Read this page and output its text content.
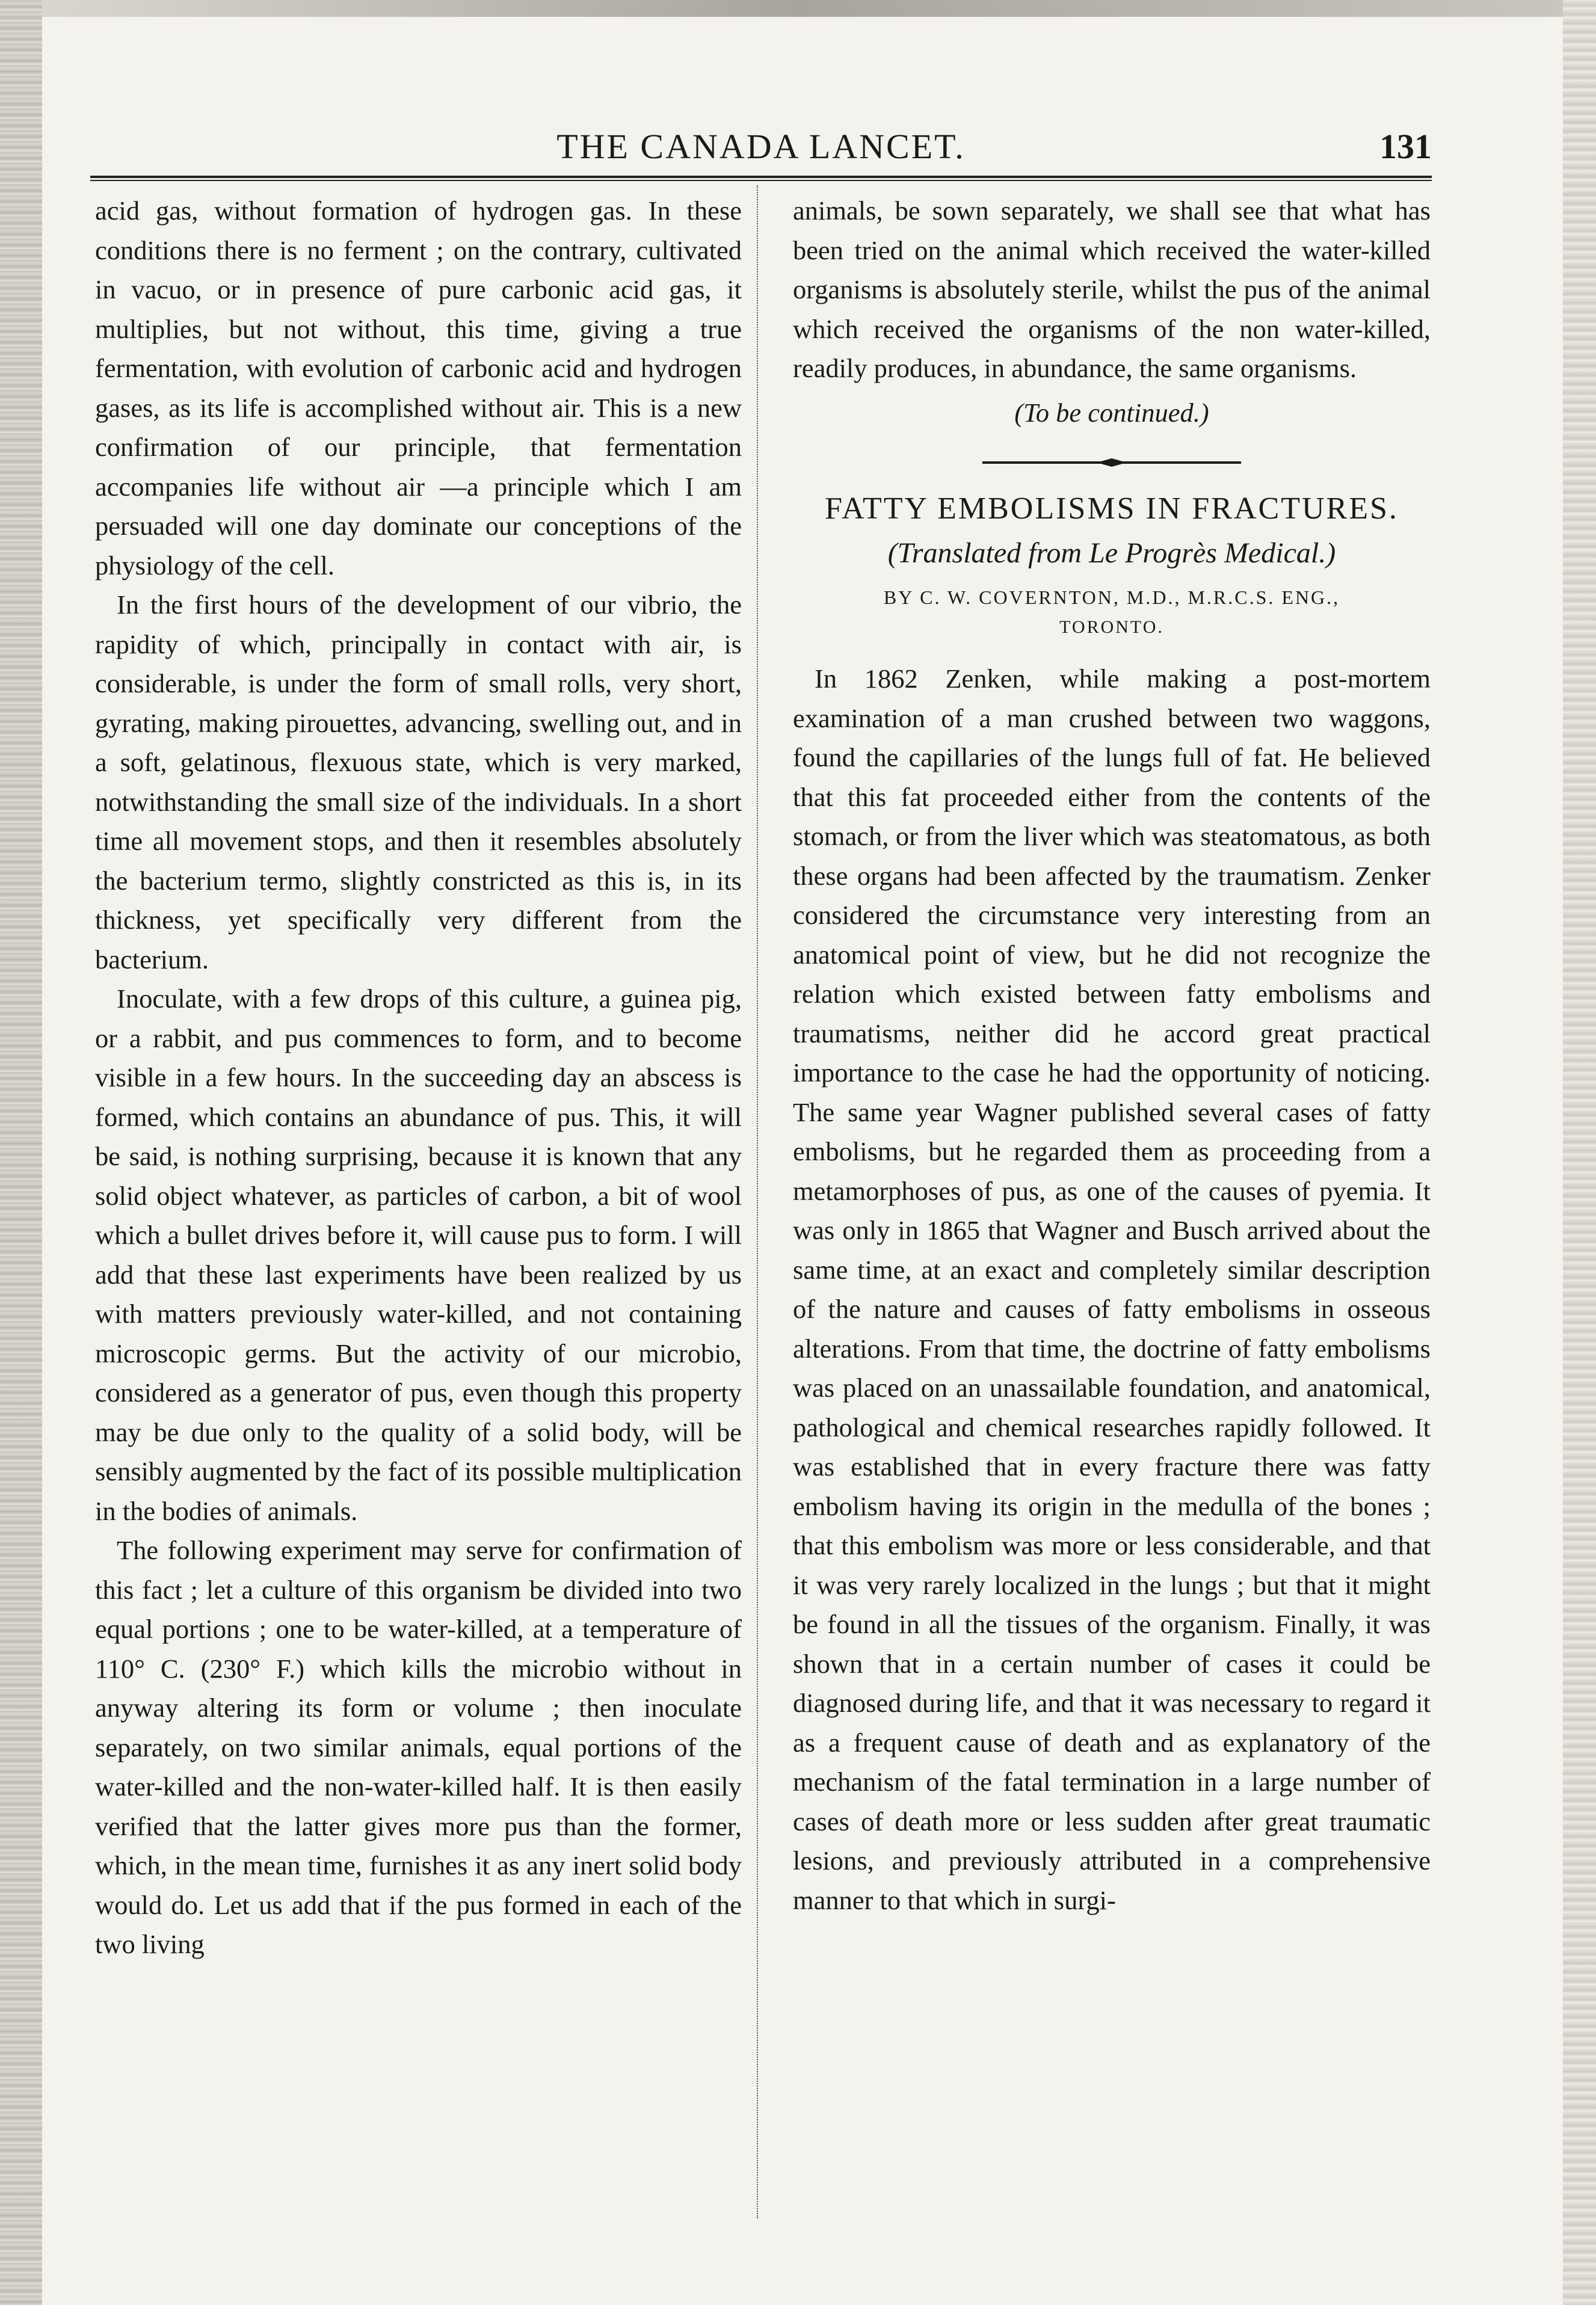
THE CANADA LANCET.	131

acid gas, without formation of hydrogen gas. In these conditions there is no ferment ; on the contrary, cultivated in vacuo, or in presence of pure carbonic acid gas, it multiplies, but not without, this time, giving a true fermentation, with evolution of carbonic acid and hydrogen gases, as its life is accomplished without air. This is a new confirmation of our principle, that fermentation accompanies life without air —a principle which I am persuaded will one day dominate our conceptions of the physiology of the cell.

In the first hours of the development of our vibrio, the rapidity of which, principally in contact with air, is considerable, is under the form of small rolls, very short, gyrating, making pirouettes, advancing, swelling out, and in a soft, gelatinous, flexuous state, which is very marked, notwithstanding the small size of the individuals. In a short time all movement stops, and then it resembles absolutely the bacterium termo, slightly constricted as this is, in its thickness, yet specifically very different from the bacterium.

Inoculate, with a few drops of this culture, a guinea pig, or a rabbit, and pus commences to form, and to become visible in a few hours. In the succeeding day an abscess is formed, which contains an abundance of pus. This, it will be said, is nothing surprising, because it is known that any solid object whatever, as particles of carbon, a bit of wool which a bullet drives before it, will cause pus to form. I will add that these last experiments have been realized by us with matters previously water-killed, and not containing microscopic germs. But the activity of our microbio, considered as a generator of pus, even though this property may be due only to the quality of a solid body, will be sensibly augmented by the fact of its possible multiplication in the bodies of animals.

The following experiment may serve for confirmation of this fact ; let a culture of this organism be divided into two equal portions ; one to be water-killed, at a temperature of 110° C. (230° F.) which kills the microbio without in anyway altering its form or volume ; then inoculate separately, on two similar animals, equal portions of the water-killed and the non-water-killed half. It is then easily verified that the latter gives more pus than the former, which, in the mean time, furnishes it as any inert solid body would do. Let us add that if the pus formed in each of the two living

animals, be sown separately, we shall see that what has been tried on the animal which received the water-killed organisms is absolutely sterile, whilst the pus of the animal which received the organisms of the non water-killed, readily produces, in abundance, the same organisms.

(To be continued.)

FATTY EMBOLISMS IN FRACTURES.

(Translated from Le Progrès Medical.)

BY C. W. COVERNTON, M.D., M.R.C.S. ENG.,

TORONTO.

In 1862 Zenken, while making a post-mortem examination of a man crushed between two waggons, found the capillaries of the lungs full of fat. He believed that this fat proceeded either from the contents of the stomach, or from the liver which was steatomatous, as both these organs had been affected by the traumatism. Zenker considered the circumstance very interesting from an anatomical point of view, but he did not recognize the relation which existed between fatty embolisms and traumatisms, neither did he accord great practical importance to the case he had the opportunity of noticing. The same year Wagner published several cases of fatty embolisms, but he regarded them as proceeding from a metamorphoses of pus, as one of the causes of pyemia. It was only in 1865 that Wagner and Busch arrived about the same time, at an exact and completely similar description of the nature and causes of fatty embolisms in osseous alterations. From that time, the doctrine of fatty embolisms was placed on an unassailable foundation, and anatomical, pathological and chemical researches rapidly followed. It was established that in every fracture there was fatty embolism having its origin in the medulla of the bones ; that this embolism was more or less considerable, and that it was very rarely localized in the lungs ; but that it might be found in all the tissues of the organism. Finally, it was shown that in a certain number of cases it could be diagnosed during life, and that it was necessary to regard it as a frequent cause of death and as explanatory of the mechanism of the fatal termination in a large number of cases of death more or less sudden after great traumatic lesions, and previously attributed in a comprehensive manner to that which in surgi-
